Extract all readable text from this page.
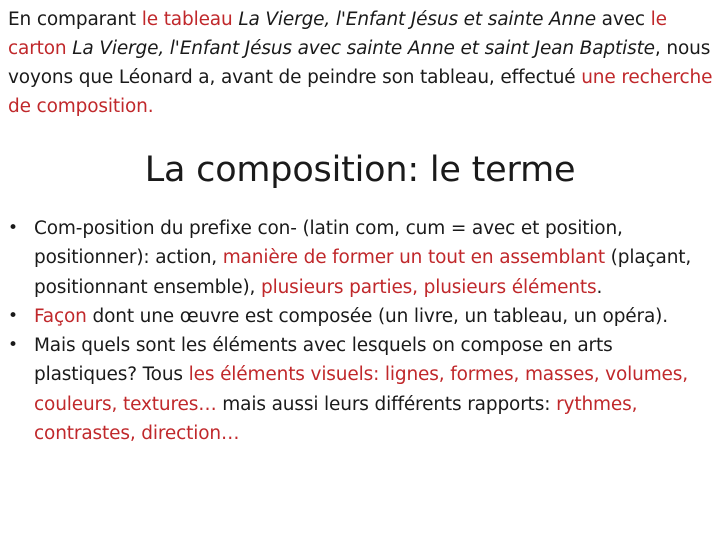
En comparant le tableau La Vierge, l'Enfant Jésus et sainte Anne avec le carton La Vierge, l'Enfant Jésus avec sainte Anne et saint Jean Baptiste, nous voyons que Léonard a, avant de peindre son tableau, effectué une recherche de composition.

La composition: le terme
• Com-position du prefixe con- (latin com, cum = avec et position, positionner): action, manière de former un tout en assemblant (plaçant, positionnant ensemble), plusieurs parties, plusieurs éléments.
• Façon dont une œuvre est composée (un livre, un tableau, un opéra).
• Mais quels sont les éléments avec lesquels on compose en arts plastiques? Tous les éléments visuels: lignes, formes, masses, volumes, couleurs, textures… mais aussi leurs différents rapports: rythmes, contrastes, direction…
